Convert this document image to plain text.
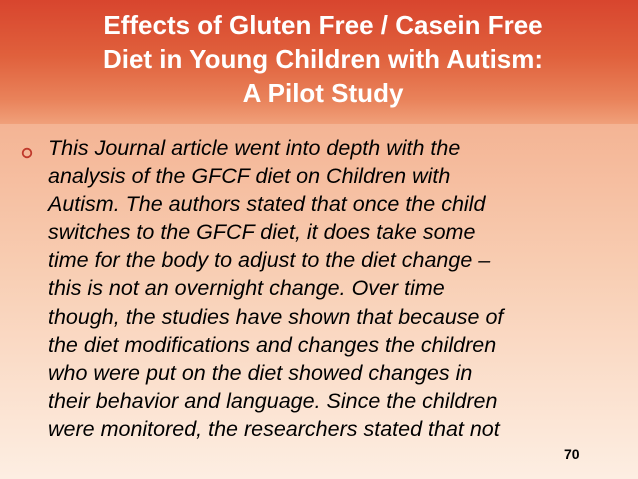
Effects of Gluten Free / Casein Free
Diet in Young Children with Autism:
A Pilot Study

This Journal article went into depth with the
analysis of the GFCF diet on Children with
Autism. The authors stated that once the child
switches to the GFCF diet, it does take some
time for the body to adjust to the diet change –
this is not an overnight change. Over time
though, the studies have shown that because of
the diet modifications and changes the children
who were put on the diet showed changes in
their behavior and language. Since the children
were monitored, the researchers stated that not

70
